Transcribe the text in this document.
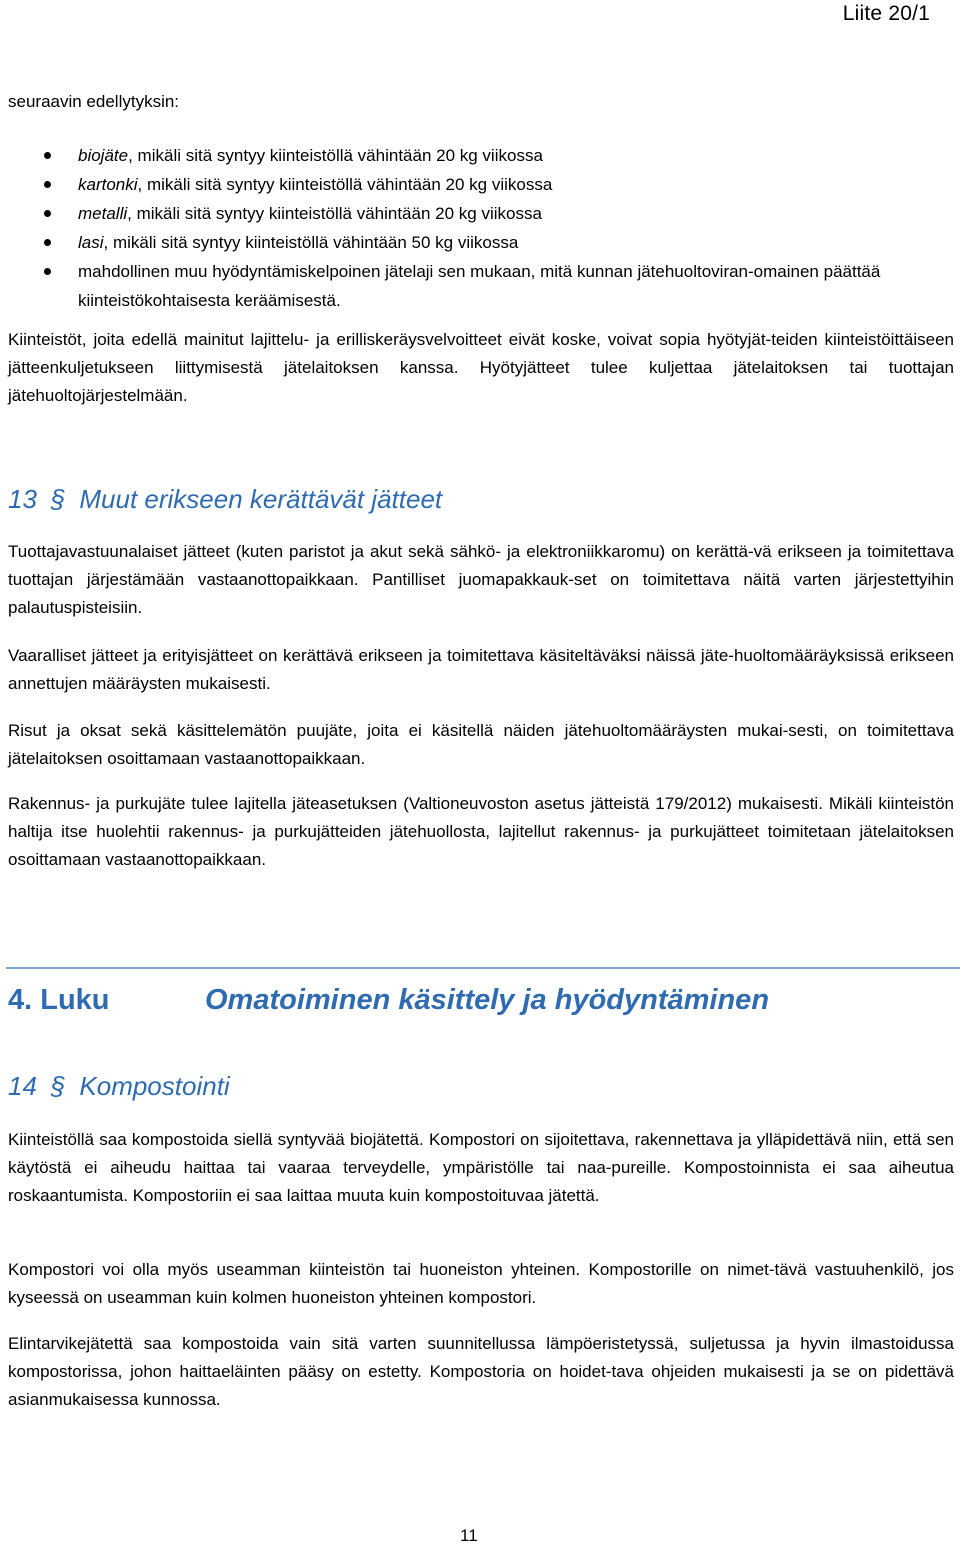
Liite 20/1
seuraavin edellytyksin:
biojäte, mikäli sitä syntyy kiinteistöllä vähintään 20 kg viikossa
kartonki, mikäli sitä syntyy kiinteistöllä vähintään 20 kg viikossa
metalli, mikäli sitä syntyy kiinteistöllä vähintään 20 kg viikossa
lasi, mikäli sitä syntyy kiinteistöllä vähintään 50 kg viikossa
mahdollinen muu hyödyntämiskelpoinen jätelaji sen mukaan, mitä kunnan jätehuoltoviran-omainen päättää kiinteistökohtaisesta keräämisestä.

Kiinteistöt, joita edellä mainitut lajittelu- ja erilliskeräysvelvoitteet eivät koske, voivat sopia hyötyjät-teiden kiinteistöittäiseen jätteenkuljetukseen liittymisestä jätelaitoksen kanssa. Hyötyjätteet tulee kuljettaa jätelaitoksen tai tuottajan jätehuoltojärjestelmään.

13 § Muut erikseen kerättävät jätteet

Tuottajavastuunalaiset jätteet (kuten paristot ja akut sekä sähkö- ja elektroniikkaromu) on kerättä-vä erikseen ja toimitettava tuottajan järjestämään vastaanottopaikkaan. Pantilliset juomapakkauk-set on toimitettava näitä varten järjestettyihin palautuspisteisiin.

Vaaralliset jätteet ja erityisjätteet on kerättävä erikseen ja toimitettava käsiteltäväksi näissä jäte-huoltomääräyksissä erikseen annettujen määräysten mukaisesti.

Risut ja oksat sekä käsittelemätön puujäte, joita ei käsitellä näiden jätehuoltomääräysten mukai-sesti, on toimitettava jätelaitoksen osoittamaan vastaanottopaikkaan.

Rakennus- ja purkujäte tulee lajitella jäteasetuksen (Valtioneuvoston asetus jätteistä 179/2012) mukaisesti. Mikäli kiinteistön haltija itse huolehtii rakennus- ja purkujätteiden jätehuollosta, lajitellut rakennus- ja purkujätteet toimitetaan jätelaitoksen osoittamaan vastaanottopaikkaan.

4. Luku	Omatoiminen käsittely ja hyödyntäminen
14 § Kompostointi

Kiinteistöllä saa kompostoida siellä syntyvää biojätettä. Kompostori on sijoitettava, rakennettava ja ylläpidettävä niin, että sen käytöstä ei aiheudu haittaa tai vaaraa terveydelle, ympäristölle tai naa-pureille. Kompostoinnista ei saa aiheutua roskaantumista. Kompostoriin ei saa laittaa muuta kuin kompostoituvaa jätettä.

Kompostori voi olla myös useamman kiinteistön tai huoneiston yhteinen. Kompostorille on nimet-tävä vastuuhenkilö, jos kyseessä on useamman kuin kolmen huoneiston yhteinen kompostori.

Elintarvikejätettä saa kompostoida vain sitä varten suunnitellussa lämpöeristetyssä, suljetussa ja hyvin ilmastoidussa kompostorissa, johon haittaeläinten pääsy on estetty. Kompostoria on hoidet-tava ohjeiden mukaisesti ja se on pidettävä asianmukaisessa kunnossa.

11
